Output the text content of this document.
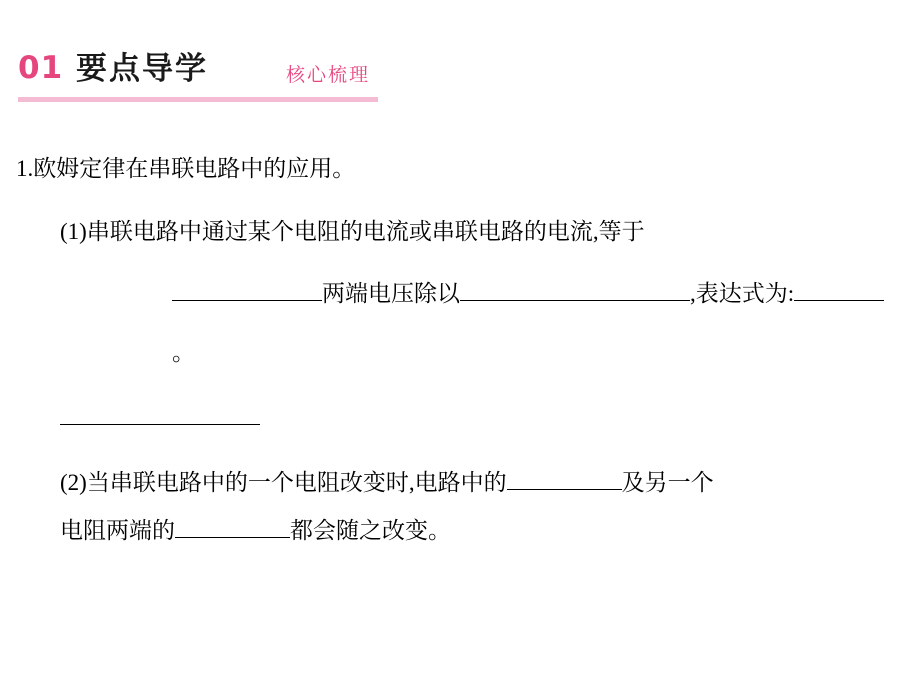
01 要点导学	核心梳理
1.欧姆定律在串联电路中的应用。
(1)串联电路中通过某个电阻的电流或串联电路的电流,等于
两端电压除以	,表达式为:
。
(2)当串联电路中的一个电阻改变时,电路中的	及另一个
电阻两端的	都会随之改变。
